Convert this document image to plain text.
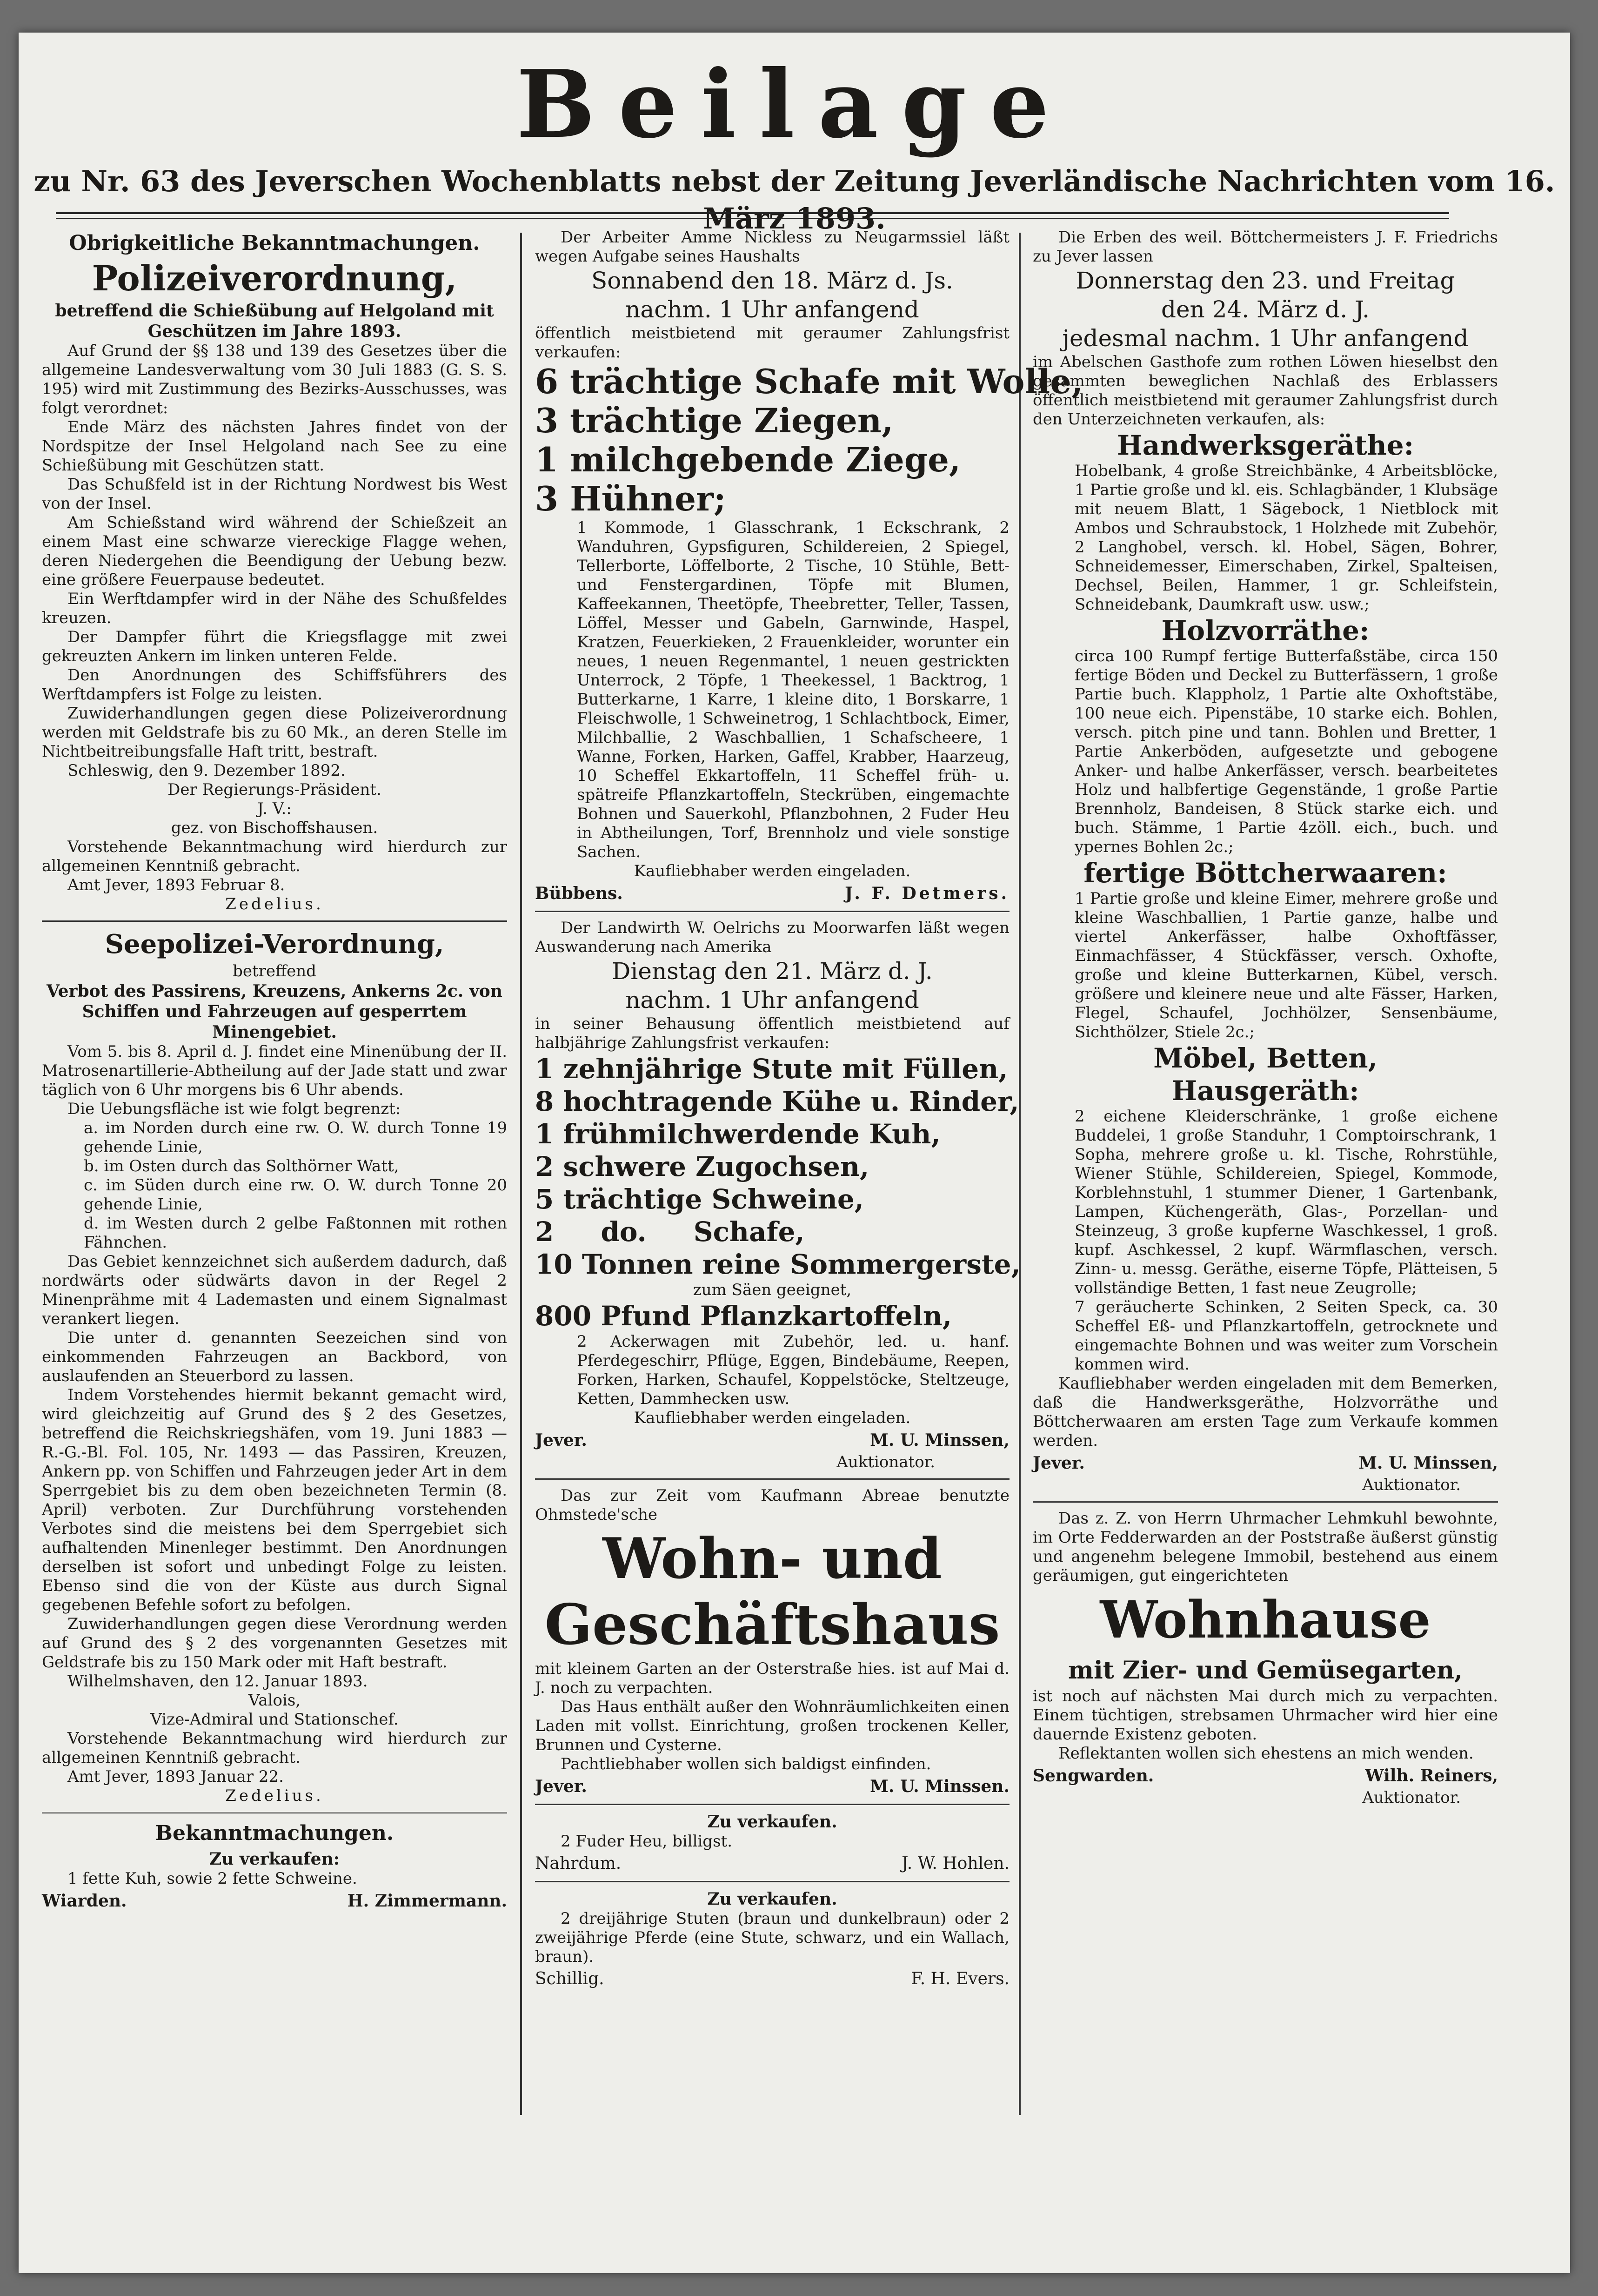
Beilage
zu Nr. 63 des Jeverschen Wochenblatts nebst der Zeitung Jeverländische Nachrichten vom 16. März 1893.

Obrigkeitliche Bekanntmachungen.

Polizeiverordnung,

betreffend die Schießübung auf Helgoland mit Geschützen im Jahre 1893.

Auf Grund der §§ 138 und 139 des Gesetzes über die allgemeine Landesverwaltung vom 30 Juli 1883 (G. S. S. 195) wird mit Zustimmung des Bezirks-Ausschusses, was folgt verordnet:

Ende März des nächsten Jahres findet von der Nordspitze der Insel Helgoland nach See zu eine Schießübung mit Geschützen statt.

Das Schußfeld ist in der Richtung Nordwest bis West von der Insel.

Am Schießstand wird während der Schießzeit an einem Mast eine schwarze viereckige Flagge wehen, deren Niedergehen die Beendigung der Uebung bezw. eine größere Feuerpause bedeutet.

Ein Werftdampfer wird in der Nähe des Schußfeldes kreuzen.

Der Dampfer führt die Kriegsflagge mit zwei gekreuzten Ankern im linken unteren Felde.

Den Anordnungen des Schiffsführers des Werftdampfers ist Folge zu leisten.

Zuwiderhandlungen gegen diese Polizeiverordnung werden mit Geldstrafe bis zu 60 Mk., an deren Stelle im Nichtbeitreibungsfalle Haft tritt, bestraft.

Schleswig, den 9. Dezember 1892.

Der Regierungs-Präsident.

J. V.:

gez. von Bischoffshausen.

Vorstehende Bekanntmachung wird hierdurch zur allgemeinen Kenntniß gebracht.

Amt Jever, 1893 Februar 8.

Zedelius.

Seepolizei-Verordnung,

betreffend

Verbot des Passirens, Kreuzens, Ankerns 2c. von Schiffen und Fahrzeugen auf gesperrtem Minengebiet.

Vom 5. bis 8. April d. J. findet eine Minenübung der II. Matrosenartillerie-Abtheilung auf der Jade statt und zwar täglich von 6 Uhr morgens bis 6 Uhr abends.

Die Uebungsfläche ist wie folgt begrenzt:

a. im Norden durch eine rw. O. W. durch Tonne 19 gehende Linie,

b. im Osten durch das Solthörner Watt,

c. im Süden durch eine rw. O. W. durch Tonne 20 gehende Linie,

d. im Westen durch 2 gelbe Faßtonnen mit rothen Fähnchen.

Das Gebiet kennzeichnet sich außerdem dadurch, daß nordwärts oder südwärts davon in der Regel 2 Minenprähme mit 4 Lademasten und einem Signalmast verankert liegen.

Die unter d. genannten Seezeichen sind von einkommenden Fahrzeugen an Backbord, von auslaufenden an Steuerbord zu lassen.

Indem Vorstehendes hiermit bekannt gemacht wird, wird gleichzeitig auf Grund des § 2 des Gesetzes, betreffend die Reichskriegshäfen, vom 19. Juni 1883 — R.-G.-Bl. Fol. 105, Nr. 1493 — das Passiren, Kreuzen, Ankern pp. von Schiffen und Fahrzeugen jeder Art in dem Sperrgebiet bis zu dem oben bezeichneten Termin (8. April) verboten. Zur Durchführung vorstehenden Verbotes sind die meistens bei dem Sperrgebiet sich aufhaltenden Minenleger bestimmt. Den Anordnungen derselben ist sofort und unbedingt Folge zu leisten. Ebenso sind die von der Küste aus durch Signal gegebenen Befehle sofort zu befolgen.

Zuwiderhandlungen gegen diese Verordnung werden auf Grund des § 2 des vorgenannten Gesetzes mit Geldstrafe bis zu 150 Mark oder mit Haft bestraft.

Wilhelmshaven, den 12. Januar 1893.

Valois,

Vize-Admiral und Stationschef.

Vorstehende Bekanntmachung wird hierdurch zur allgemeinen Kenntniß gebracht.

Amt Jever, 1893 Januar 22.

Zedelius.

Bekanntmachungen.

Zu verkaufen:

1 fette Kuh, sowie 2 fette Schweine.

Wiarden.	H. Zimmermann.

Der Arbeiter Amme Nickless zu Neugarmssiel läßt wegen Aufgabe seines Haushalts

Sonnabend den 18. März d. Js.

nachm. 1 Uhr anfangend

öffentlich meistbietend mit geraumer Zahlungsfrist verkaufen:

6 trächtige Schafe mit Wolle,

3 trächtige Ziegen,

1 milchgebende Ziege,

3 Hühner;

1 Kommode, 1 Glasschrank, 1 Eckschrank, 2 Wanduhren, Gypsfiguren, Schildereien, 2 Spiegel, Tellerborte, Löffelborte, 2 Tische, 10 Stühle, Bett- und Fenstergardinen, Töpfe mit Blumen, Kaffeekannen, Theetöpfe, Theebretter, Teller, Tassen, Löffel, Messer und Gabeln, Garnwinde, Haspel, Kratzen, Feuerkieken, 2 Frauenkleider, worunter ein neues, 1 neuen Regenmantel, 1 neuen gestrickten Unterrock, 2 Töpfe, 1 Theekessel, 1 Backtrog, 1 Butterkarne, 1 Karre, 1 kleine dito, 1 Borskarre, 1 Fleischwolle, 1 Schweinetrog, 1 Schlachtbock, Eimer, Milchballie, 2 Waschballien, 1 Schafscheere, 1 Wanne, Forken, Harken, Gaffel, Krabber, Haarzeug, 10 Scheffel Ekkartoffeln, 11 Scheffel früh- u. spätreife Pflanzkartoffeln, Steckrüben, eingemachte Bohnen und Sauerkohl, Pflanzbohnen, 2 Fuder Heu in Abtheilungen, Torf, Brennholz und viele sonstige Sachen.

Kaufliebhaber werden eingeladen.

Bübbens.	J. F. Detmers.

Der Landwirth W. Oelrichs zu Moorwarfen läßt wegen Auswanderung nach Amerika

Dienstag den 21. März d. J.

nachm. 1 Uhr anfangend

in seiner Behausung öffentlich meistbietend auf halbjährige Zahlungsfrist verkaufen:

1 zehnjährige Stute mit Füllen,

8 hochtragende Kühe u. Rinder,

1 frühmilchwerdende Kuh,

2 schwere Zugochsen,

5 trächtige Schweine,

2     do.     Schafe,

10 Tonnen reine Sommergerste,

zum Säen geeignet,

800 Pfund Pflanzkartoffeln,

2 Ackerwagen mit Zubehör, led. u. hanf. Pferdegeschirr, Pflüge, Eggen, Bindebäume, Reepen, Forken, Harken, Schaufel, Koppelstöcke, Steltzeuge, Ketten, Dammhecken usw.

Kaufliebhaber werden eingeladen.

Jever.	M. U. Minssen,

Auktionator.

Das zur Zeit vom Kaufmann Abreae benutzte Ohmstede'sche

Wohn- und

Geschäftshaus

mit kleinem Garten an der Osterstraße hies. ist auf Mai d. J. noch zu verpachten.

Das Haus enthält außer den Wohnräumlichkeiten einen Laden mit vollst. Einrichtung, großen trockenen Keller, Brunnen und Cysterne.

Pachtliebhaber wollen sich baldigst einfinden.

Jever.	M. U. Minssen.

Zu verkaufen.

2 Fuder Heu, billigst.

Nahrdum.	J. W. Hohlen.

Zu verkaufen.

2 dreijährige Stuten (braun und dunkelbraun) oder 2 zweijährige Pferde (eine Stute, schwarz, und ein Wallach, braun).

Schillig.	F. H. Evers.

Die Erben des weil. Böttchermeisters J. F. Friedrichs zu Jever lassen

Donnerstag den 23. und Freitag

den 24. März d. J.

jedesmal nachm. 1 Uhr anfangend

im Abelschen Gasthofe zum rothen Löwen hieselbst den gesammten beweglichen Nachlaß des Erblassers öffentlich meistbietend mit geraumer Zahlungsfrist durch den Unterzeichneten verkaufen, als:

Handwerksgeräthe:

Hobelbank, 4 große Streichbänke, 4 Arbeitsblöcke, 1 Partie große und kl. eis. Schlagbänder, 1 Klubsäge mit neuem Blatt, 1 Sägebock, 1 Nietblock mit Ambos und Schraubstock, 1 Holzhede mit Zubehör, 2 Langhobel, versch. kl. Hobel, Sägen, Bohrer, Schneidemesser, Eimerschaben, Zirkel, Spalteisen, Dechsel, Beilen, Hammer, 1 gr. Schleifstein, Schneidebank, Daumkraft usw. usw.;

Holzvorräthe:

circa 100 Rumpf fertige Butterfaßstäbe, circa 150 fertige Böden und Deckel zu Butterfässern, 1 große Partie buch. Klappholz, 1 Partie alte Oxhoftstäbe, 100 neue eich. Pipenstäbe, 10 starke eich. Bohlen, versch. pitch pine und tann. Bohlen und Bretter, 1 Partie Ankerböden, aufgesetzte und gebogene Anker- und halbe Ankerfässer, versch. bearbeitetes Holz und halbfertige Gegenstände, 1 große Partie Brennholz, Bandeisen, 8 Stück starke eich. und buch. Stämme, 1 Partie 4zöll. eich., buch. und ypernes Bohlen 2c.;

fertige Böttcherwaaren:

1 Partie große und kleine Eimer, mehrere große und kleine Waschballien, 1 Partie ganze, halbe und viertel Ankerfässer, halbe Oxhoftfässer, Einmachfässer, 4 Stückfässer, versch. Oxhofte, große und kleine Butterkarnen, Kübel, versch. größere und kleinere neue und alte Fässer, Harken, Flegel, Schaufel, Jochhölzer, Sensenbäume, Sichthölzer, Stiele 2c.;

Möbel, Betten,

Hausgeräth:

2 eichene Kleiderschränke, 1 große eichene Buddelei, 1 große Standuhr, 1 Comptoirschrank, 1 Sopha, mehrere große u. kl. Tische, Rohrstühle, Wiener Stühle, Schildereien, Spiegel, Kommode, Korblehnstuhl, 1 stummer Diener, 1 Gartenbank, Lampen, Küchengeräth, Glas-, Porzellan- und Steinzeug, 3 große kupferne Waschkessel, 1 groß. kupf. Aschkessel, 2 kupf. Wärmflaschen, versch. Zinn- u. messg. Geräthe, eiserne Töpfe, Plätteisen, 5 vollständige Betten, 1 fast neue Zeugrolle;

7 geräucherte Schinken, 2 Seiten Speck, ca. 30 Scheffel Eß- und Pflanzkartoffeln, getrocknete und eingemachte Bohnen und was weiter zum Vorschein kommen wird.

Kaufliebhaber werden eingeladen mit dem Bemerken, daß die Handwerksgeräthe, Holzvorräthe und Böttcherwaaren am ersten Tage zum Verkaufe kommen werden.

Jever.	M. U. Minssen,

Auktionator.

Das z. Z. von Herrn Uhrmacher Lehmkuhl bewohnte, im Orte Fedderwarden an der Poststraße äußerst günstig und angenehm belegene Immobil, bestehend aus einem geräumigen, gut eingerichteten

Wohnhause

mit Zier- und Gemüsegarten,

ist noch auf nächsten Mai durch mich zu verpachten. Einem tüchtigen, strebsamen Uhrmacher wird hier eine dauernde Existenz geboten.

Reflektanten wollen sich ehestens an mich wenden.

Sengwarden.	Wilh. Reiners,

Auktionator.
